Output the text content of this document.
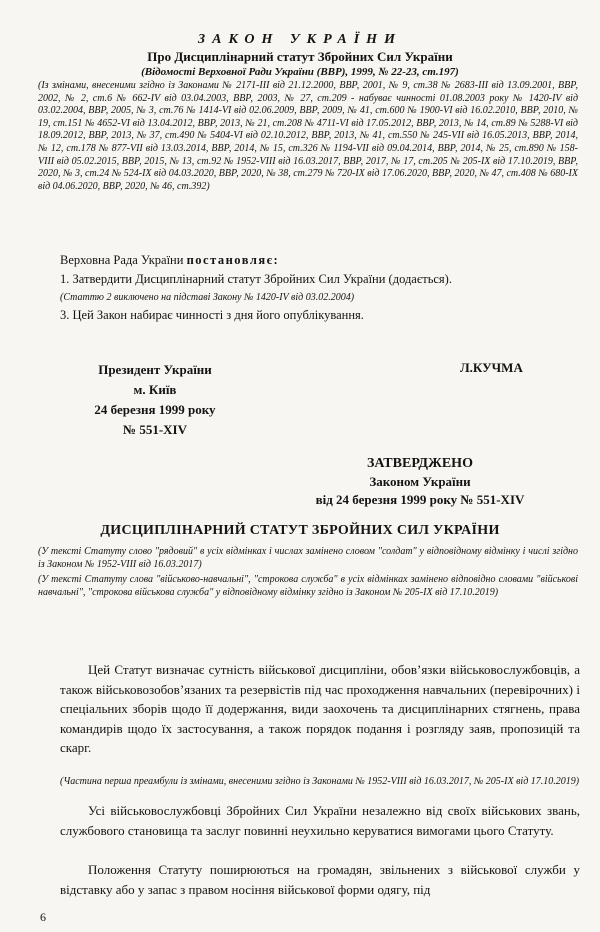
ЗАКОН УКРАЇНИ
Про Дисциплінарний статут Збройних Сил України
(Відомості Верховної Ради України (ВВР), 1999, № 22-23, ст.197)

(Із змінами, внесеними згідно із Законами № 2171-III від 21.12.2000, ВВР, 2001, № 9, ст.38 № 2683-III від 13.09.2001, ВВР, 2002, № 2, ст.6 № 662-IV від 03.04.2003, ВВР, 2003, № 27, ст.209 - набуває чинності 01.08.2003 року № 1420-IV від 03.02.2004, ВВР, 2005, № 3, ст.76 № 1414-VI від 02.06.2009, ВВР, 2009, № 41, ст.600 № 1900-VI від 16.02.2010, ВВР, 2010, № 19, ст.151 № 4652-VI від 13.04.2012, ВВР, 2013, № 21, ст.208 № 4711-VI від 17.05.2012, ВВР, 2013, № 14, ст.89 № 5288-VI від 18.09.2012, ВВР, 2013, № 37, ст.490 № 5404-VI від 02.10.2012, ВВР, 2013, № 41, ст.550 № 245-VII від 16.05.2013, ВВР, 2014, № 12, ст.178 № 877-VII від 13.03.2014, ВВР, 2014, № 15, ст.326 № 1194-VII від 09.04.2014, ВВР, 2014, № 25, ст.890 № 158-VIII від 05.02.2015, ВВР, 2015, № 13, ст.92 № 1952-VIII від 16.03.2017, ВВР, 2017, № 17, ст.205 № 205-IX від 17.10.2019, ВВР, 2020, № 3, ст.24 № 524-IX від 04.03.2020, ВВР, 2020, № 38, ст.279 № 720-IX від 17.06.2020, ВВР, 2020, № 47, ст.408 № 680-IX від 04.06.2020, ВВР, 2020, № 46, ст.392)

Верховна Рада України постановляє:
1. Затвердити Дисциплінарний статут Збройних Сил України (додається).
(Статтю 2 виключено на підставі Закону № 1420-IV від 03.02.2004)
3. Цей Закон набирає чинності з дня його опублікування.
Президент України
м. Київ
24 березня 1999 року
№ 551-XIV
Л.КУЧМА
ЗАТВЕРДЖЕНО
Законом України
від 24 березня 1999 року № 551-XIV
ДИСЦИПЛІНАРНИЙ СТАТУТ ЗБРОЙНИХ СИЛ УКРАЇНИ

(У тексті Статуту слово "рядовий" в усіх відмінках і числах замінено словом "солдат" у відповідному відмінку і числі згідно із Законом № 1952-VIII від 16.03.2017)

(У тексті Статуту слова "військово-навчальні", "строкова служба" в усіх відмінках замінено відповідно словами "військові навчальні", "строкова військова служба" у відповідному відмінку згідно із Законом № 205-IX від 17.10.2019)

Цей Статут визначає сутність військової дисципліни, обов’язки військовослужбовців, а також військовозобов’язаних та резервістів під час проходження навчальних (перевірочних) і спеціальних зборів щодо її додержання, види заохочень та дисциплінарних стягнень, права командирів щодо їх застосування, а також порядок подання і розгляду заяв, пропозицій та скарг.

(Частина перша преамбули із змінами, внесеними згідно із Законами № 1952-VIII від 16.03.2017, № 205-IX від 17.10.2019)

Усі військовослужбовці Збройних Сил України незалежно від своїх військових звань, службового становища та заслуг повинні неухильно керуватися вимогами цього Статуту.

Положення Статуту поширюються на громадян, звільнених з військової служби у відставку або у запас з правом носіння військової форми одягу, під

6
